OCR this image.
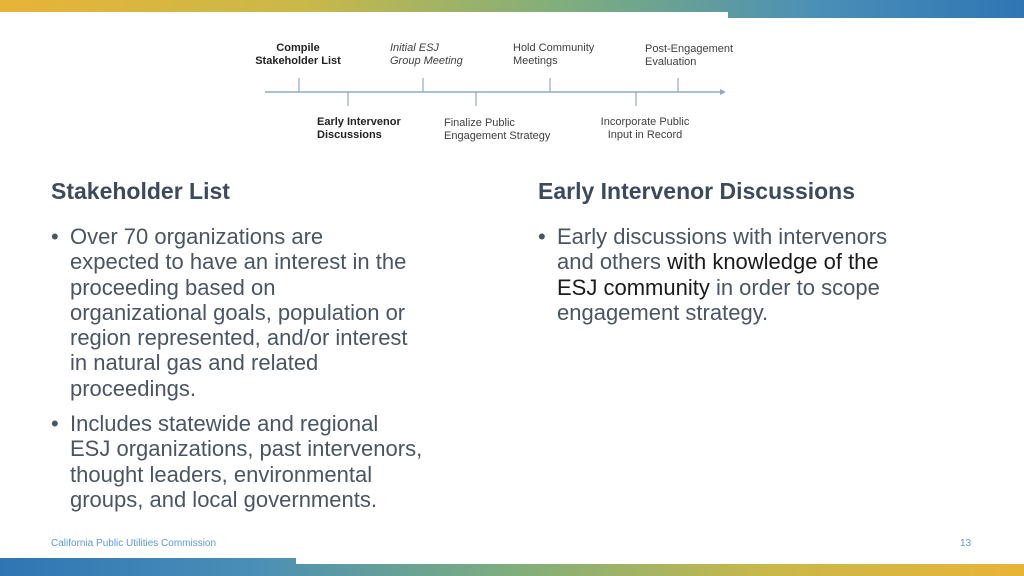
Compile
Stakeholder List
Initial ESJ
Group Meeting
Hold Community
Meetings
Post-Engagement
Evaluation
Early Intervenor
Discussions
Finalize Public
Engagement Strategy
Incorporate Public
Input in Record
Stakeholder List
• Over 70 organizations are
expected to have an interest in the
proceeding based on
organizational goals, population or
region represented, and/or interest
in natural gas and related
proceedings.
• Includes statewide and regional
ESJ organizations, past intervenors,
thought leaders, environmental
groups, and local governments.
Early Intervenor Discussions
• Early discussions with intervenors
and others with knowledge of the
ESJ community in order to scope
engagement strategy.
California Public Utilities Commission	13
